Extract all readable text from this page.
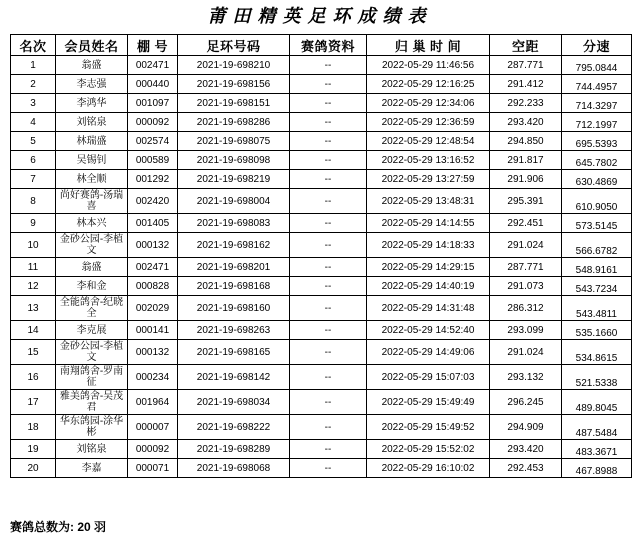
莆田精英足环成绩表
名次	会员姓名	棚 号	足环号码	赛鸽资料	归 巢 时 间	空距	分速
1	翁盛	002471	2021-19-698210	--	2022-05-29 11:46:56	287.771	795.0844
2	李志强	000440	2021-19-698156	--	2022-05-29 12:16:25	291.412	744.4957
3	李鸿华	001097	2021-19-698151	--	2022-05-29 12:34:06	292.233	714.3297
4	刘铭泉	000092	2021-19-698286	--	2022-05-29 12:36:59	293.420	712.1997
5	林瑞盛	002574	2021-19-698075	--	2022-05-29 12:48:54	294.850	695.5393
6	吴锡钊	000589	2021-19-698098	--	2022-05-29 13:16:52	291.817	645.7802
7	林全顺	001292	2021-19-698219	--	2022-05-29 13:27:59	291.906	630.4869
8	尚好赛鸽-汤瑞喜	002420	2021-19-698004	--	2022-05-29 13:48:31	295.391	610.9050
9	林本兴	001405	2021-19-698083	--	2022-05-29 14:14:55	292.451	573.5145
10	金砂公园-李植文	000132	2021-19-698162	--	2022-05-29 14:18:33	291.024	566.6782
11	翁盛	002471	2021-19-698201	--	2022-05-29 14:29:15	287.771	548.9161
12	李和金	000828	2021-19-698168	--	2022-05-29 14:40:19	291.073	543.7234
13	全能鸽舍-纪晓全	002029	2021-19-698160	--	2022-05-29 14:31:48	286.312	543.4811
14	李克展	000141	2021-19-698263	--	2022-05-29 14:52:40	293.099	535.1660
15	金砂公园-李植文	000132	2021-19-698165	--	2022-05-29 14:49:06	291.024	534.8615
16	南翔鸽舍-罗南征	000234	2021-19-698142	--	2022-05-29 15:07:03	293.132	521.5338
17	雅美鸽舍-吴茂君	001964	2021-19-698034	--	2022-05-29 15:49:49	296.245	489.8045
18	华东鸽园-涂华彬	000007	2021-19-698222	--	2022-05-29 15:49:52	294.909	487.5484
19	刘铭泉	000092	2021-19-698289	--	2022-05-29 15:52:02	293.420	483.3671
20	李嘉	000071	2021-19-698068	--	2022-05-29 16:10:02	292.453	467.8988
赛鸽总数为: 20 羽
